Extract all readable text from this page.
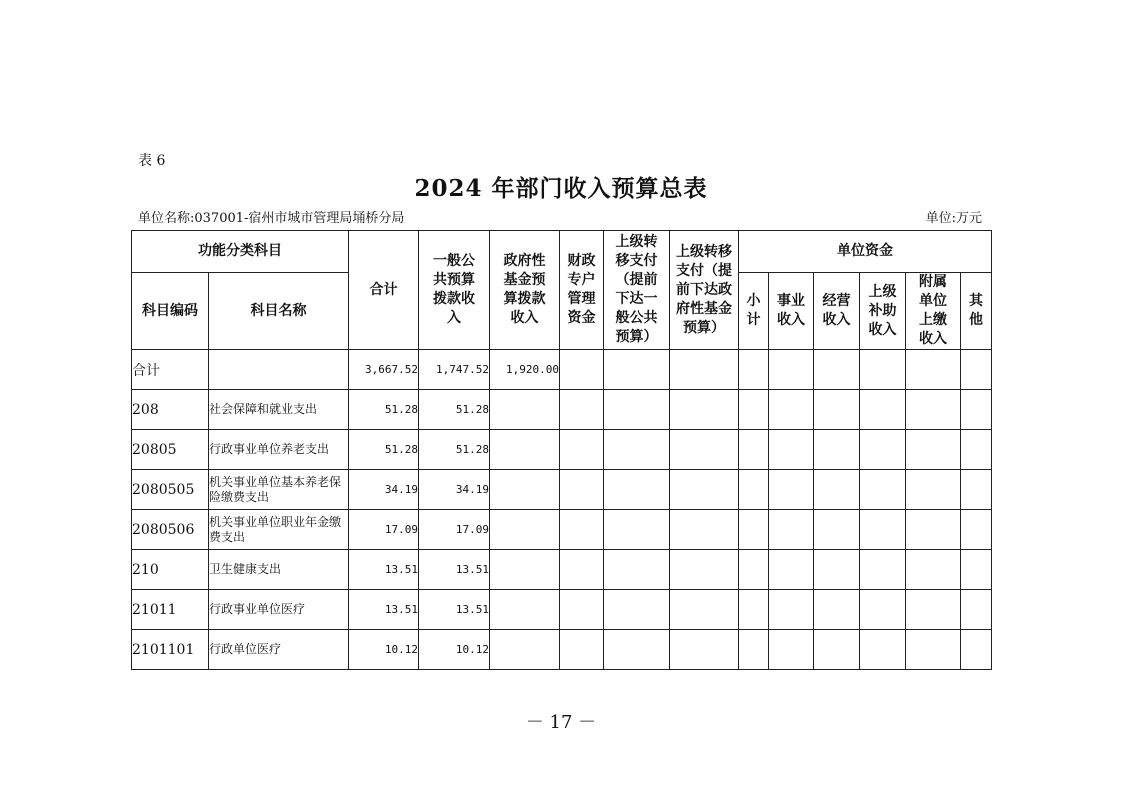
表 6
2024 年部门收入预算总表
单位名称:037001-宿州市城市管理局埇桥分局	单位:万元
功能分类科目		合计	一般公共预算拨款收入	政府性基金预算拨款收入	财政专户管理资金	上级转移支付（提前下达一般公共预算）	上级转移支付（提前下达政府性基金预算）	单位资金					
科目编码	科目名称							小计	事业收入	经营收入	上级补助收入	附属单位上缴收入	其他
合计		3,667.52	1,747.52	1,920.00									
208	社会保障和就业支出	51.28	51.28										
20805	行政事业单位养老支出	51.28	51.28										
2080505	机关事业单位基本养老保险缴费支出	34.19	34.19										
2080506	机关事业单位职业年金缴费支出	17.09	17.09										
210	卫生健康支出	13.51	13.51										
21011	行政事业单位医疗	13.51	13.51										
2101101	行政单位医疗	10.12	10.12										
－ 17 －
